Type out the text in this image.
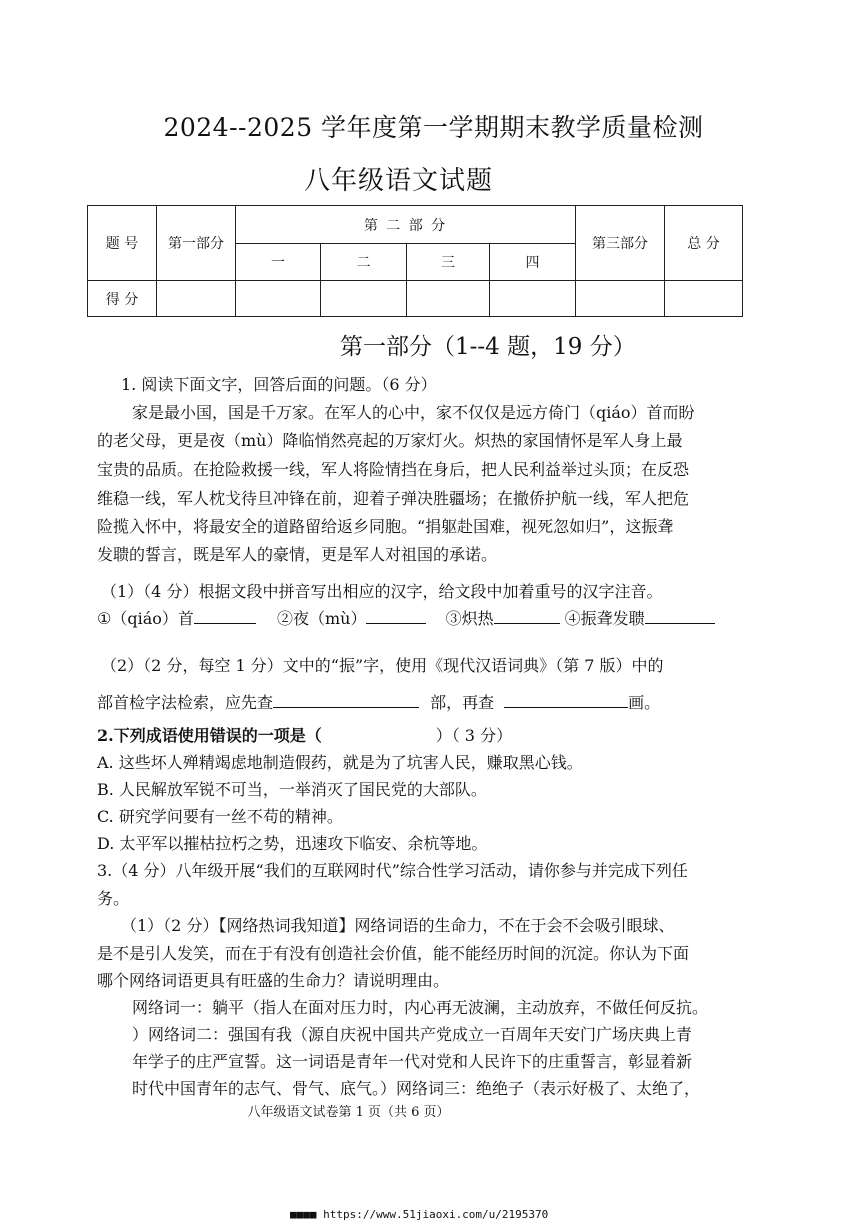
2024--2025 学年度第一学期期末教学质量检测
八年级语文试题
题 号	第一部分	第 二 部 分				第三部分	总 分
		一	二	三	四		
得 分							
第一部分（1--4 题，19 分）
1. 阅读下面文字，回答后面的问题。（6 分）
家是最小国，国是千万家。在军人的心中，家不仅仅是远方倚门（qiáo）首而盼
的老父母，更是夜（mù）降临悄然亮起的万家灯火。炽热的家国情怀是军人身上最
宝贵的品质。在抢险救援一线，军人将险情挡在身后，把人民利益举过头顶；在反恐
维稳一线，军人枕戈待旦冲锋在前，迎着子弹决胜疆场；在撤侨护航一线，军人把危
险揽入怀中，将最安全的道路留给返乡同胞。“捐躯赴国难，视死忽如归”，这振聋
发聩的誓言，既是军人的豪情，更是军人对祖国的承诺。
（1）（4 分）根据文段中拼音写出相应的汉字，给文段中加着重号的汉字注音。
①（qiáo）首	②夜（mù）	③炽热	④振聋发聩
（2）（2 分，每空 1 分）文中的“振”字，使用《现代汉语词典》（第 7 版）中的
部首检字法检索，应先查	部，再查	画。
2.下列成语使用错误的一项是（	）（ 3 分）
A. 这些坏人殚精竭虑地制造假药，就是为了坑害人民，赚取黑心钱。
B. 人民解放军锐不可当，一举消灭了国民党的大部队。
C. 研究学问要有一丝不苟的精神。
D. 太平军以摧枯拉朽之势，迅速攻下临安、余杭等地。
3.（4 分）八年级开展“我们的互联网时代”综合性学习活动，请你参与并完成下列任
务。
（1）（2 分）【网络热词我知道】网络词语的生命力，不在于会不会吸引眼球、
是不是引人发笑，而在于有没有创造社会价值，能不能经历时间的沉淀。你认为下面
哪个网络词语更具有旺盛的生命力？请说明理由。
网络词一：躺平（指人在面对压力时，内心再无波澜，主动放弃，不做任何反抗。
）网络词二：强国有我（源自庆祝中国共产党成立一百周年天安门广场庆典上青
年学子的庄严宣誓。这一词语是青年一代对党和人民许下的庄重誓言，彰显着新
时代中国青年的志气、骨气、底气。）网络词三：绝绝子（表示好极了、太绝了，
八年级语文试卷第 1 页（共 6 页）
■■■■ https://www.51jiaoxi.com/u/2195370
